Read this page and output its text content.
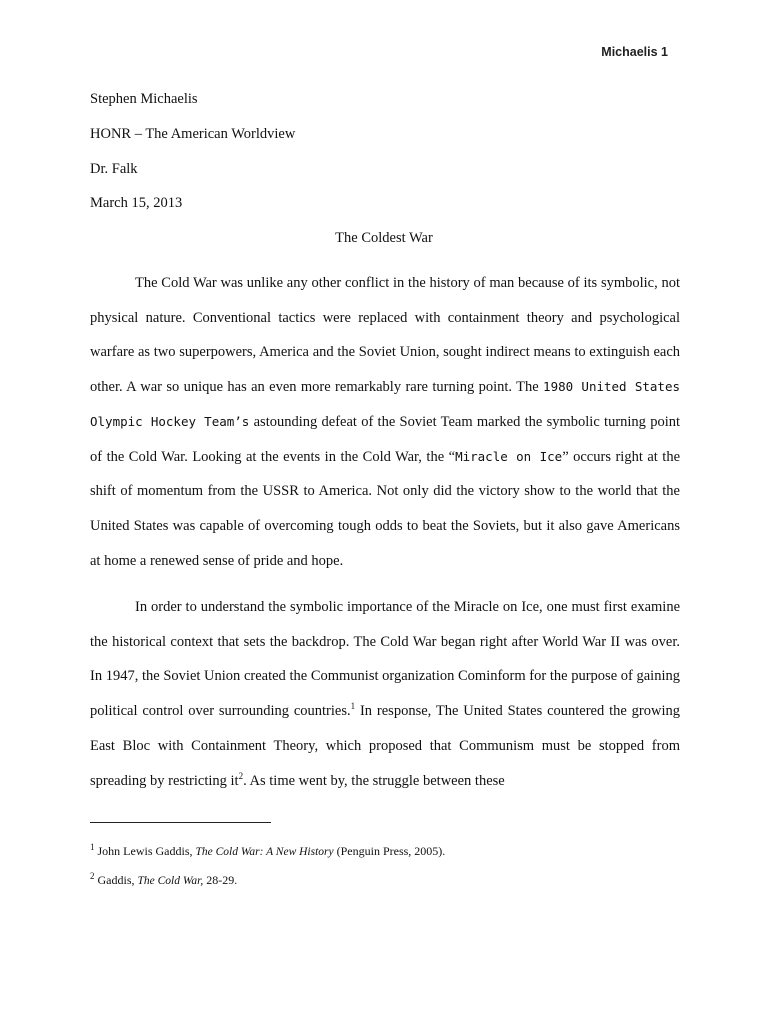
Michaelis 1
Stephen Michaelis
HONR – The American Worldview
Dr. Falk
March 15, 2013
The Coldest War

The Cold War was unlike any other conflict in the history of man because of its symbolic, not physical nature. Conventional tactics were replaced with containment theory and psychological warfare as two superpowers, America and the Soviet Union, sought indirect means to extinguish each other. A war so unique has an even more remarkably rare turning point. The 1980 United States Olympic Hockey Team’s astounding defeat of the Soviet Team marked the symbolic turning point of the Cold War. Looking at the events in the Cold War, the “Miracle on Ice” occurs right at the shift of momentum from the USSR to America. Not only did the victory show to the world that the United States was capable of overcoming tough odds to beat the Soviets, but it also gave Americans at home a renewed sense of pride and hope.

In order to understand the symbolic importance of the Miracle on Ice, one must first examine the historical context that sets the backdrop. The Cold War began right after World War II was over. In 1947, the Soviet Union created the Communist organization Cominform for the purpose of gaining political control over surrounding countries.$^1$ In response, The United States countered the growing East Bloc with Containment Theory, which proposed that Communism must be stopped from spreading by restricting $it^2$. As time went by, the struggle between these

$^1$ John Lewis Gaddis, The Cold War: A New History (Penguin Press, 2005).
$^2$ Gaddis, The Cold War, 28-29.
